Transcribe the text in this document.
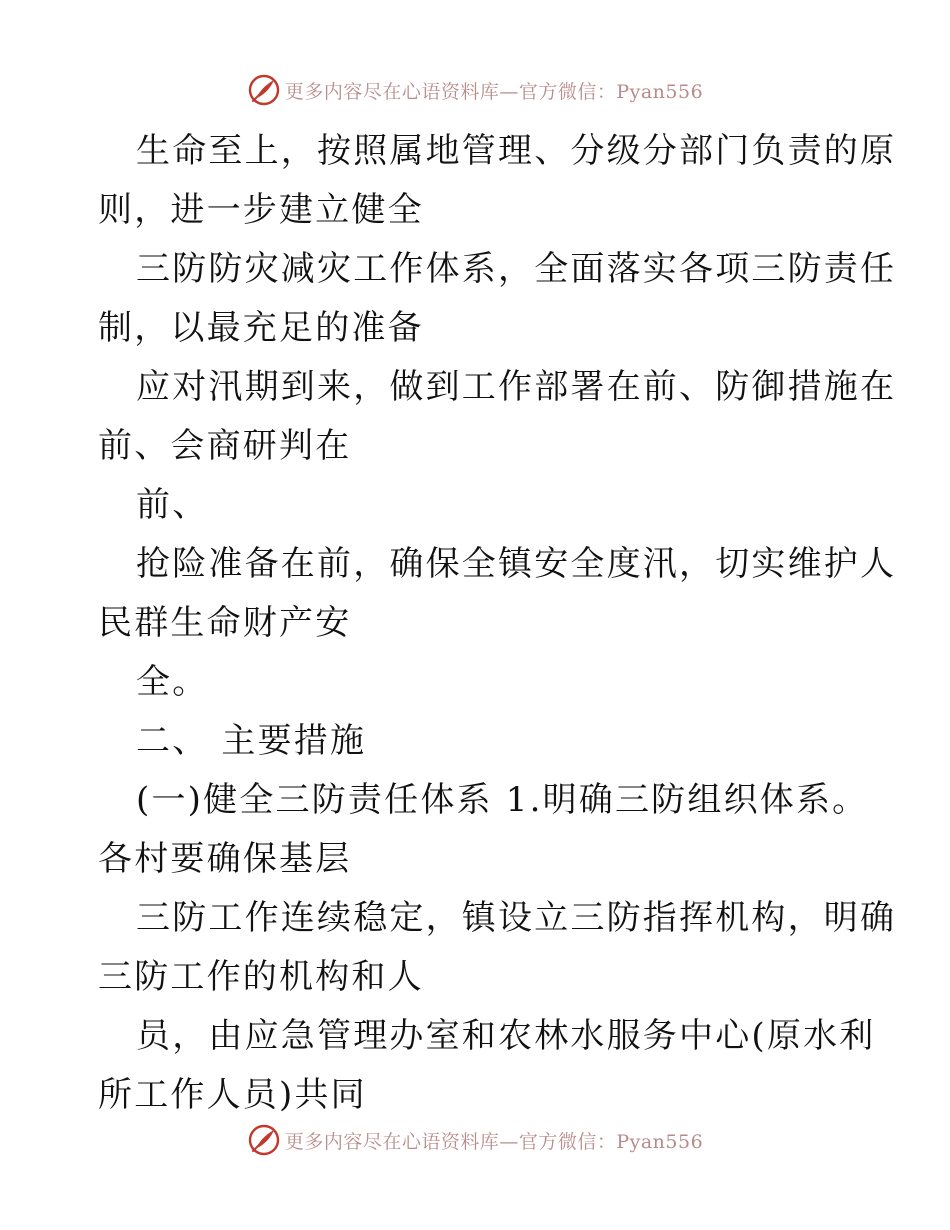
更多内容尽在心语资料库—官方微信：Pyan556
生命至上，按照属地管理、分级分部门负责的原
则，进一步建立健全
三防防灾减灾工作体系，全面落实各项三防责任
制，以最充足的准备
应对汛期到来，做到工作部署在前、防御措施在
前、会商研判在
前、
抢险准备在前，确保全镇安全度汛，切实维护人
民群生命财产安
全。
二、 主要措施
(一)健全三防责任体系 1.明确三防组织体系。
各村要确保基层
三防工作连续稳定，镇设立三防指挥机构，明确
三防工作的机构和人
员，由应急管理办室和农林水服务中心(原水利
所工作人员)共同
更多内容尽在心语资料库—官方微信：Pyan556
